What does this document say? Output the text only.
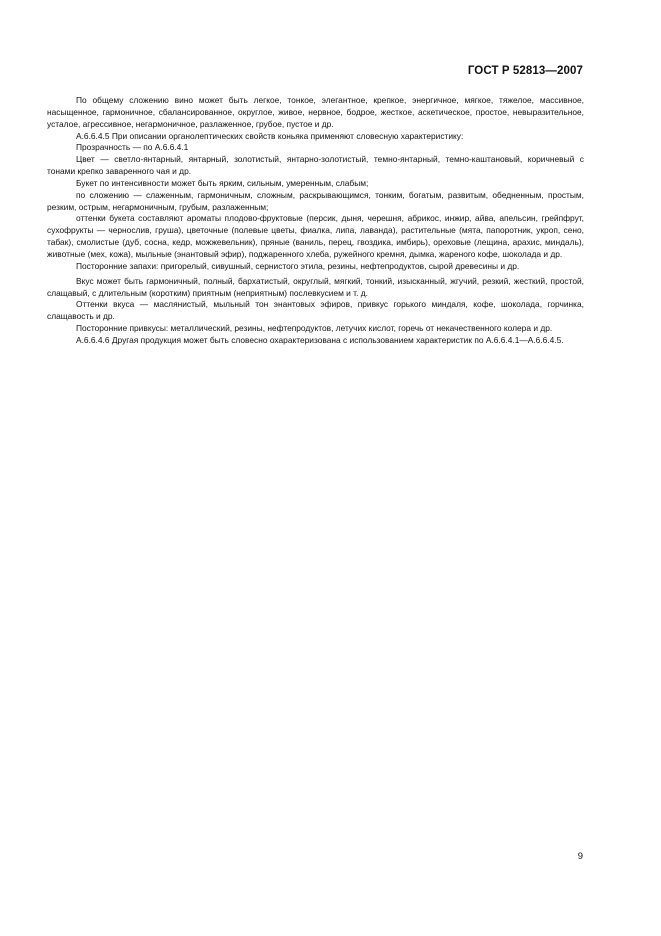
ГОСТ Р 52813—2007

По общему сложению вино может быть легкое, тонкое, элегантное, крепкое, энергичное, мягкое, тяжелое, массивное, насыщенное, гармоничное, сбалансированное, округлое, живое, нервное, бодрое, жесткое, аскетическое, простое, невыразительное, усталое, агрессивное, негармоничное, разлаженное, грубое, пустое и др.

А.6.6.4.5 При описании органолептических свойств коньяка применяют словесную характеристику:

Прозрачность — по А.6.6.4.1

Цвет — светло-янтарный, янтарный, золотистый, янтарно-золотистый, темно-янтарный, темно-каштановый, коричневый с тонами крепко заваренного чая и др.

Букет по интенсивности может быть ярким, сильным, умеренным, слабым;

по сложению — слаженным, гармоничным, сложным, раскрывающимся, тонким, богатым, развитым, обедненным, простым, резким, острым, негармоничным, грубым, разлаженным;

оттенки букета составляют ароматы плодово-фруктовые (персик, дыня, черешня, абрикос, инжир, айва, апельсин, грейпфрут, сухофрукты — чернослив, груша), цветочные (полевые цветы, фиалка, липа, лаванда), растительные (мята, папоротник, укроп, сено, табак), смолистые (дуб, сосна, кедр, можжевельник), пряные (ваниль, перец, гвоздика, имбирь), ореховые (лещина, арахис, миндаль), животные (мех, кожа), мыльные (энантовый эфир), поджаренного хлеба, ружейного кремня, дымка, жареного кофе, шоколада и др.

Посторонние запахи: пригорелый, сивушный, сернистого этила, резины, нефтепродуктов, сырой древесины и др.

Вкус может быть гармоничный, полный, бархатистый, округлый, мягкий, тонкий, изысканный, жгучий, резкий, жесткий, простой, слащавый, с длительным (коротким) приятным (неприятным) послевкусием и т. д.

Оттенки вкуса — маслянистый, мыльный тон энантовых эфиров, привкус горького миндаля, кофе, шоколада, горчинка, слащавость и др.

Посторонние привкусы: металлический, резины, нефтепродуктов, летучих кислот, горечь от некачественного колера и др.

А.6.6.4.6 Другая продукция может быть словесно охарактеризована с использованием характеристик по А.6.6.4.1—А.6.6.4.5.

9
